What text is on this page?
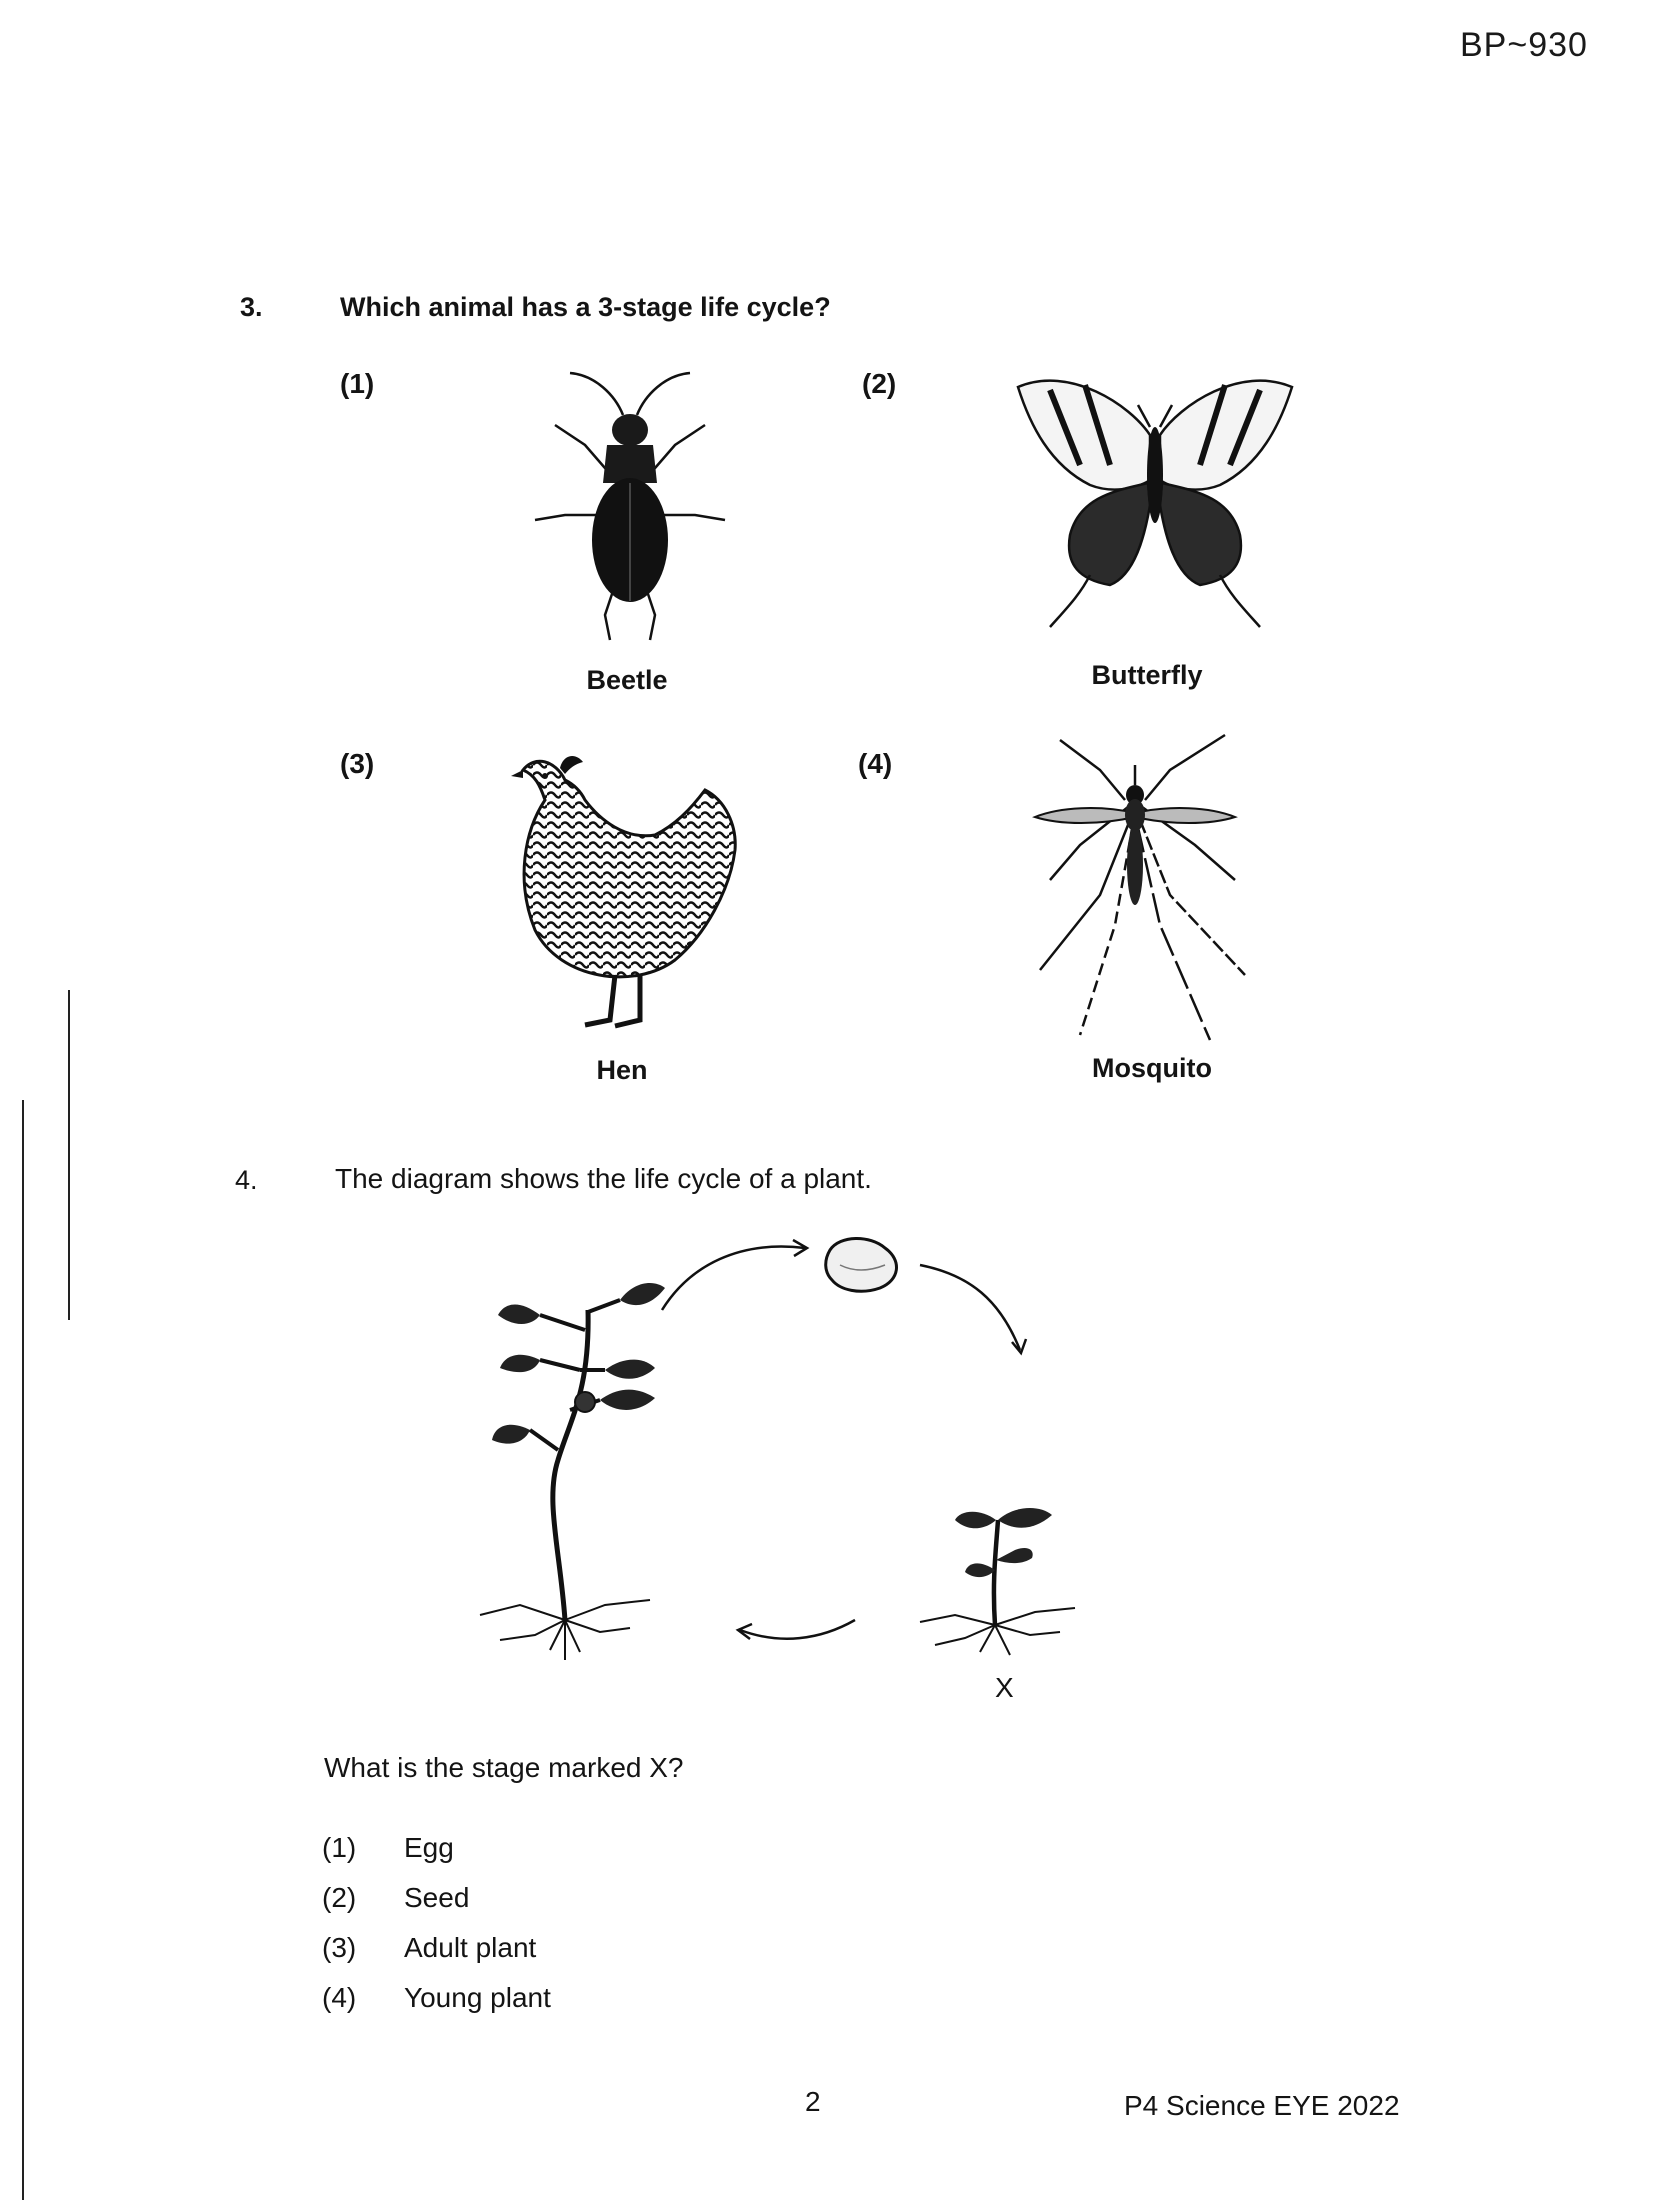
BP~930
3.	Which animal has a 3-stage life cycle?
(1)	(2)
(3)	(4)
Beetle	Butterfly
Hen	Mosquito
4.	The diagram shows the life cycle of a plant.
X
What is the stage marked X?
(1) Egg
(2) Seed
(3) Adult plant
(4) Young plant
2	P4 Science EYE 2022
